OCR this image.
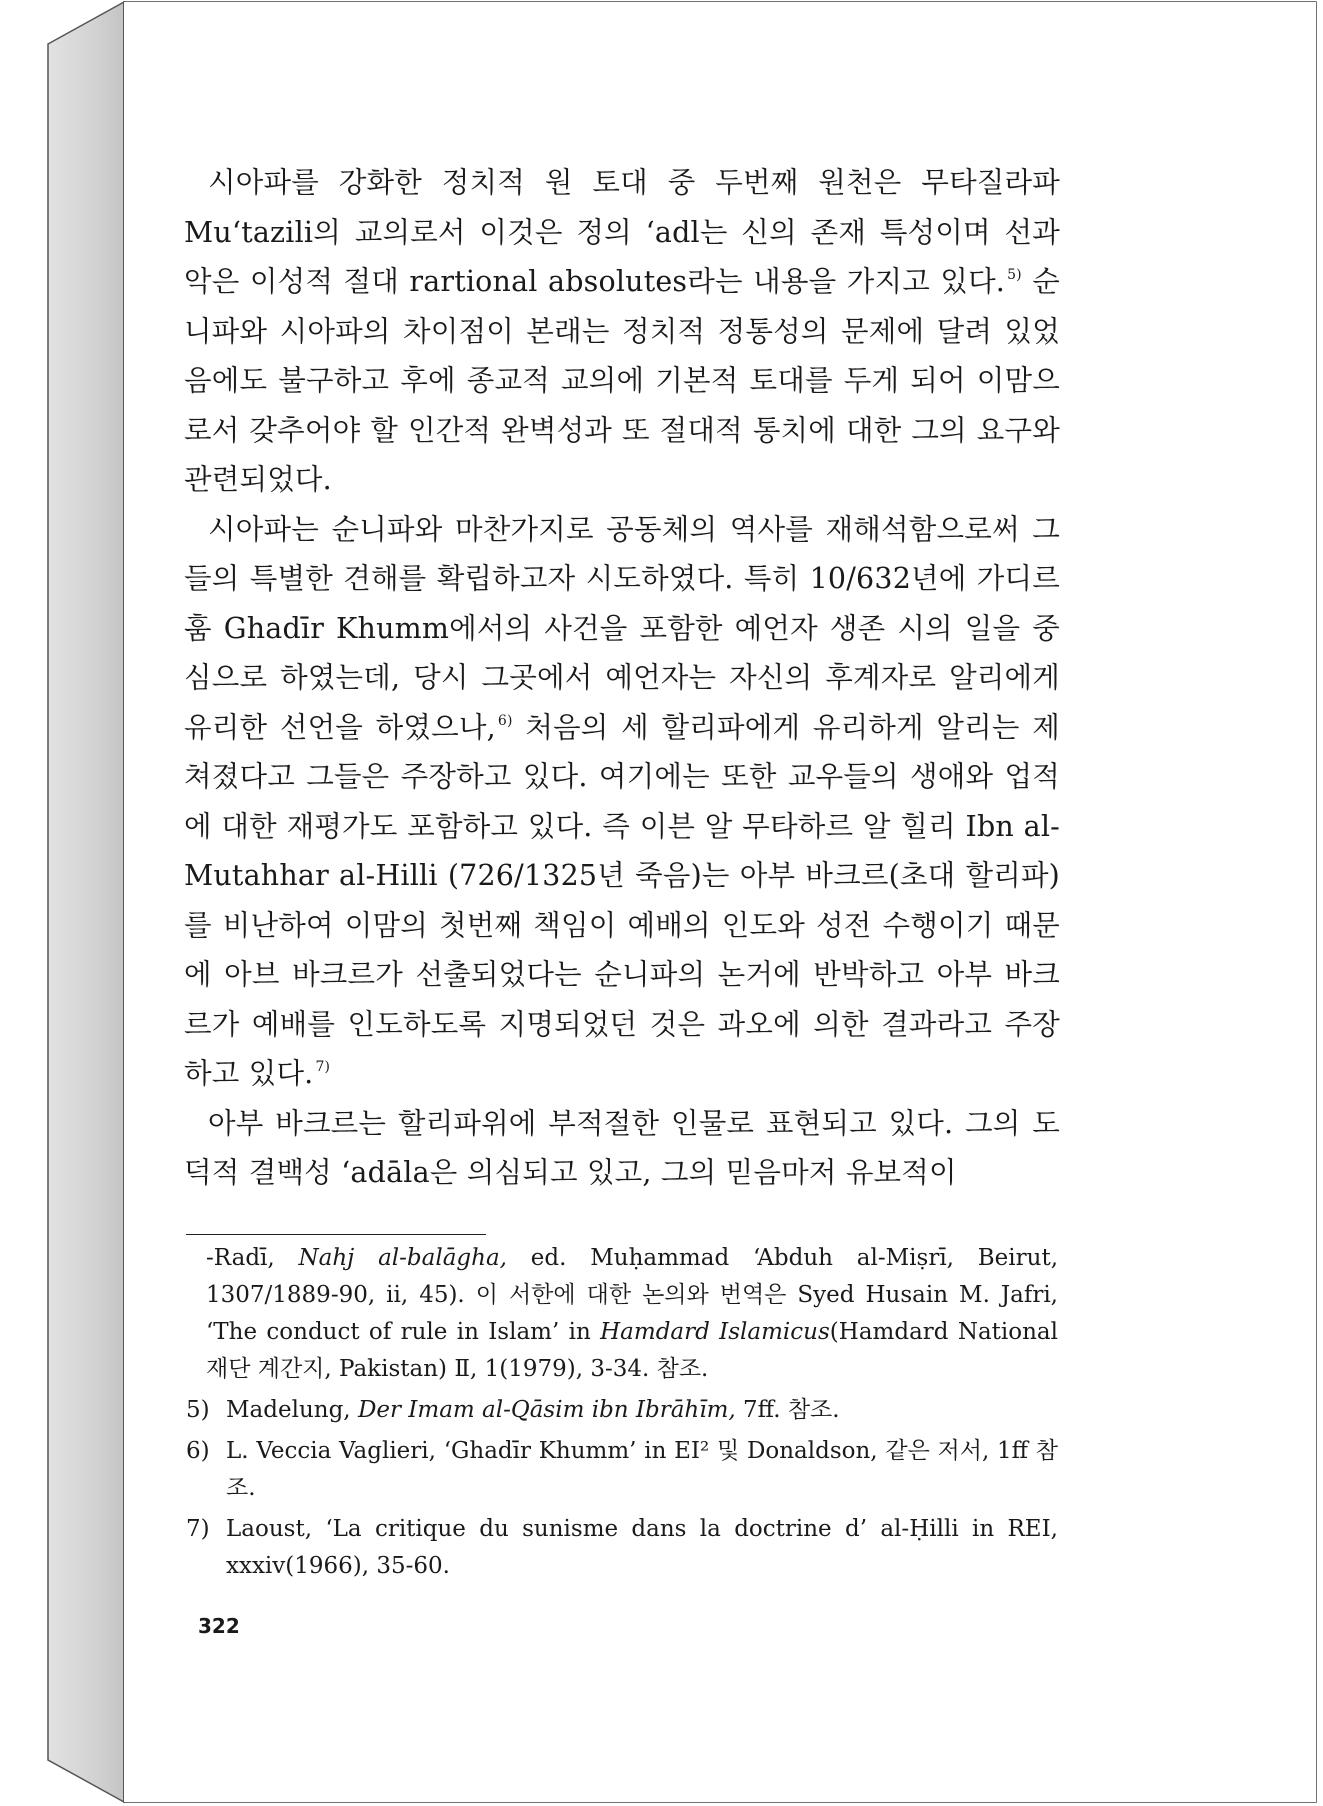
시아파를 강화한 정치적 원 토대 중 두번째 원천은 무타질라파 Mu‘tazili의 교의로서 이것은 정의 ‘adl는 신의 존재 특성이며 선과 악은 이성적 절대 rartional absolutes라는 내용을 가지고 있다. $^{5)}$ 순니파와 시아파의 차이점이 본래는 정치적 정통성의 문제에 달려 있었음에도 불구하고 후에 종교적 교의에 기본적 토대를 두게 되어 이맘으로서 갖추어야 할 인간적 완벽성과 또 절대적 통치에 대한 그의 요구와 관련되었다.

시아파는 순니파와 마찬가지로 공동체의 역사를 재해석함으로써 그들의 특별한 견해를 확립하고자 시도하였다. 특히 10/632년에 가디르 훔 Ghadīr Khumm에서의 사건을 포함한 예언자 생존 시의 일을 중심으로 하였는데, 당시 그곳에서 예언자는 자신의 후계자로 알리에게 유리한 선언을 하였으나, $^{6)}$ 처음의 세 할리파에게 유리하게 알리는 제쳐졌다고 그들은 주장하고 있다. 여기에는 또한 교우들의 생애와 업적에 대한 재평가도 포함하고 있다. 즉 이븐 알 무타하르 알 힐리 Ibn al-Mutahhar al-Hilli (726/1325년 죽음)는 아부 바크르(초대 할리파)를 비난하여 이맘의 첫번째 책임이 예배의 인도와 성전 수행이기 때문에 아브 바크르가 선출되었다는 순니파의 논거에 반박하고 아부 바크르가 예배를 인도하도록 지명되었던 것은 과오에 의한 결과라고 주장하고 있다. $^{7)}$

아부 바크르는 할리파위에 부적절한 인물로 표현되고 있다. 그의 도덕적 결백성 ‘adāla은 의심되고 있고, 그의 믿음마저 유보적이

-Radī, Nahj al-balāgha, ed. Muḥammad ‘Abduh al-Miṣrī, Beirut, 1307/1889-90, ii, 45). 이 서한에 대한 논의와 번역은 Syed Husain M. Jafri, ‘The conduct of rule in Islam’ in Hamdard Islamicus(Hamdard National 재단 계간지, Pakistan) Ⅱ, 1(1979), 3-34. 참조.
5) Madelung, Der Imam al-Qāsim ibn Ibrāhīm, 7ff. 참조.
6) L. Veccia Vaglieri, ‘Ghadīr Khumm’ in EI² 및 Donaldson, 같은 저서, 1ff 참조.
7) Laoust, ‘La critique du sunisme dans la doctrine d’ al-Ḥilli in REI, xxxiv(1966), 35-60.
322
